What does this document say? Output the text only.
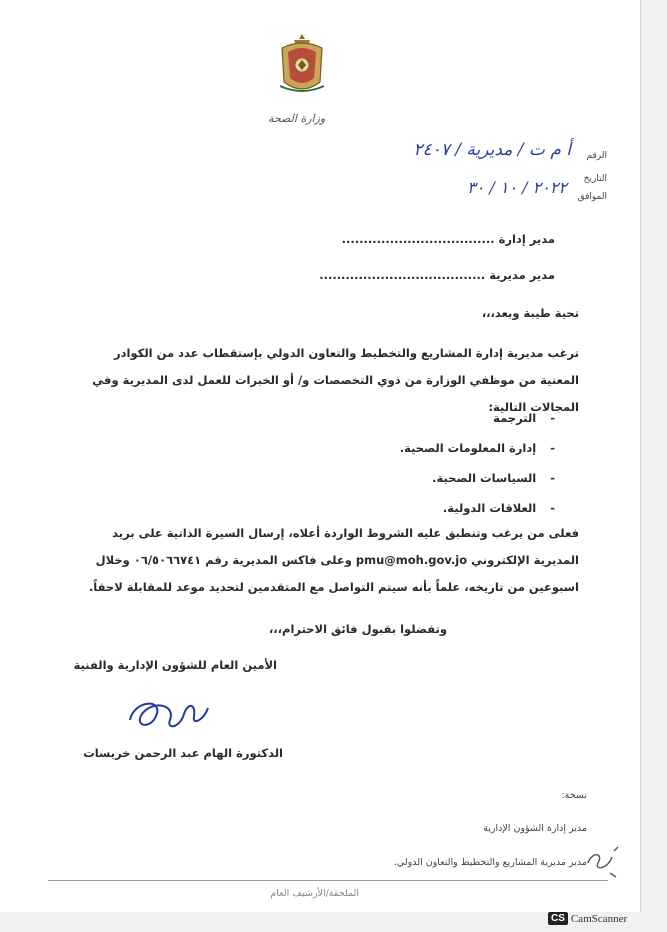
وزارة الصحة
الرقم
التاريخ
الموافق
أ م ت / مديرية / ٢٤٠٧
٢٠٢٢ / ١٠ / ٣٠
مدير إدارة ...................................
مدير مديرية ......................................
تحية طيبة وبعد،،،
ترغب مديرية إدارة المشاريع والتخطيط والتعاون الدولي بإستقطاب عدد من الكوادر المعنية من موظفي الوزارة من ذوي التخصصات و/ أو الخبرات للعمل لدى المديرية وفي المجالات التالية:
-
الترجمة
-
إدارة المعلومات الصحية.
-
السياسات الصحية.
-
العلاقات الدولية.
فعلى من يرغب وتنطبق عليه الشروط الواردة أعلاه، إرسال السيرة الذاتية على بريد المديرية الإلكتروني pmu@moh.gov.jo وعلى فاكس المديرية رقم ٠٦/٥٠٦٦٧٤١ وخلال اسبوعين من تاريخه، علماً بأنه سيتم التواصل مع المتقدمين لتحديد موعد للمقابلة لاحقاً.
وتفضلوا بقبول فائق الاحترام،،،
الأمين العام للشؤون الإدارية والفنية
الدكتورة الهام عبد الرحمن خريسات
نسخة:
مدير إدارة الشؤون الإدارية
مدير مديرية المشاريع والتخطيط والتعاون الدولي.
الملحقة/الأرشيف العام
CS CamScanner
